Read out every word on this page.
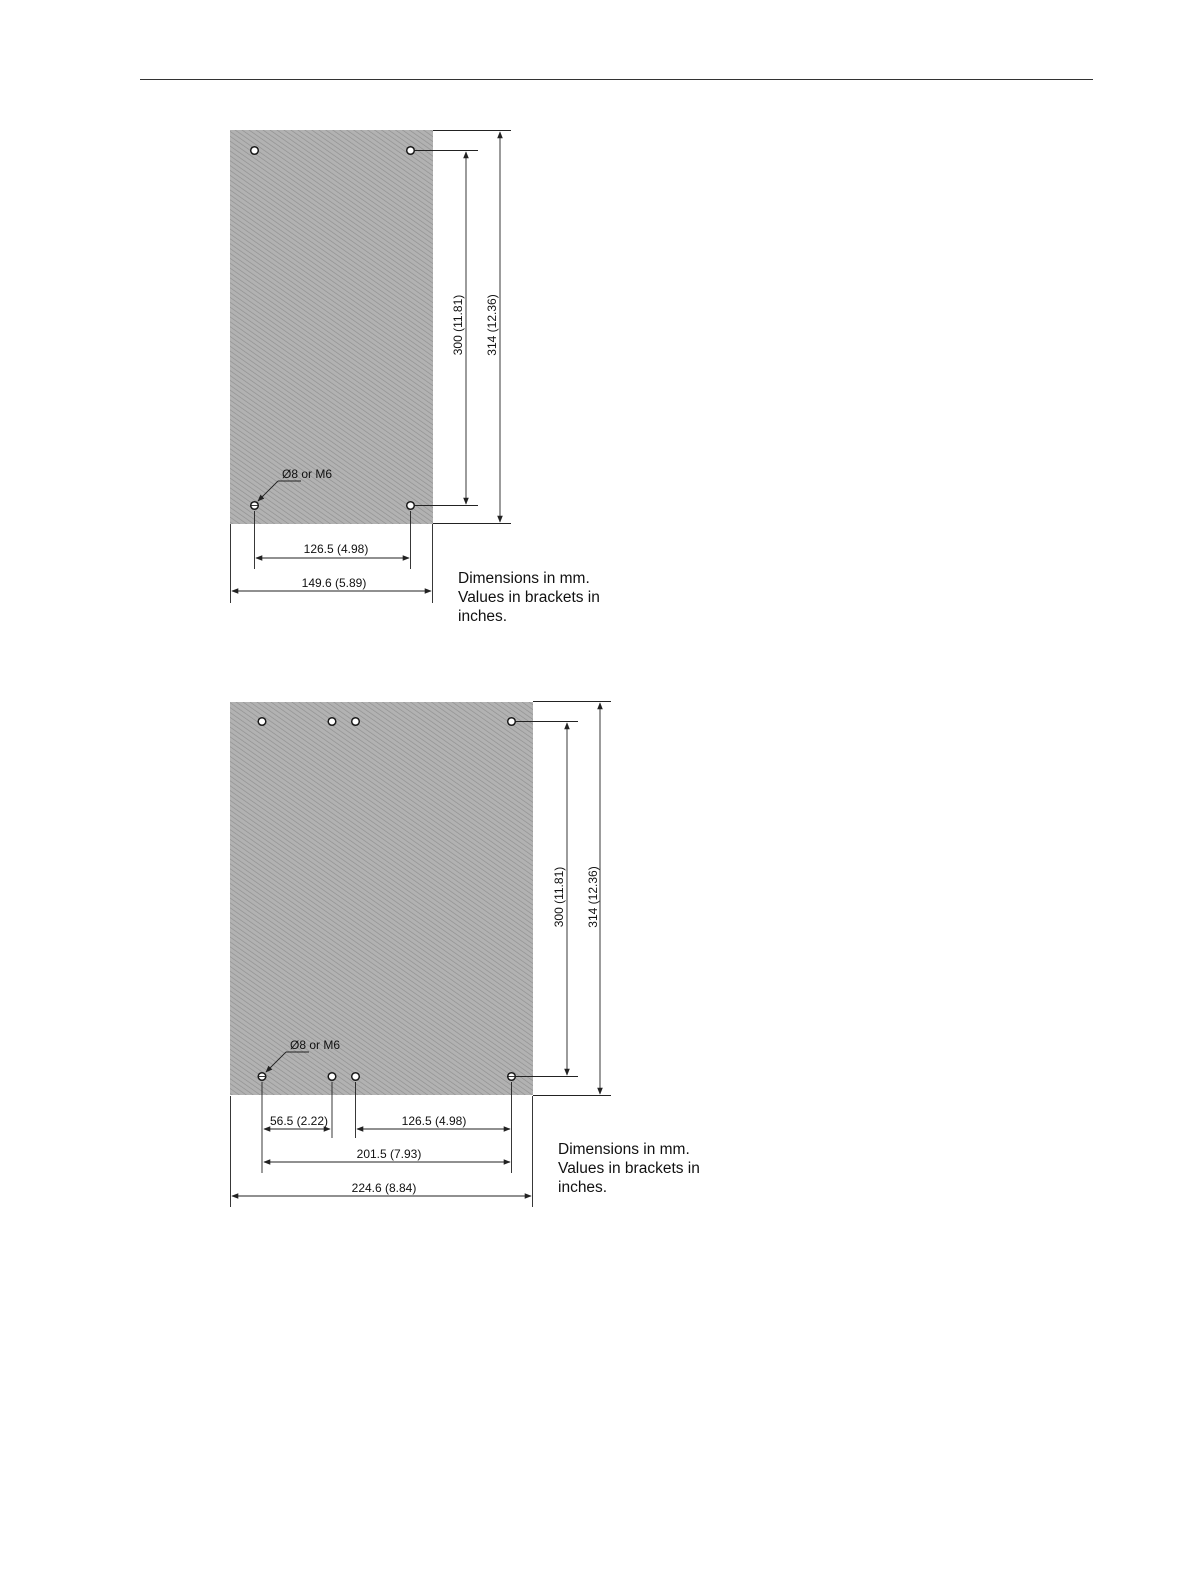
300 (11.81) 314 (12.36)
Ø8 or M6
126.5 (4.98)
149.6 (5.89)	Dimensions in mm.
Values in brackets in
inches.
300 (11.81) 314 (12.36)
Ø8 or M6
56.5 (2.22)	126.5 (4.98)
201.5 (7.93)
224.6 (8.84)
Dimensions in mm.
Values in brackets in
inches.
